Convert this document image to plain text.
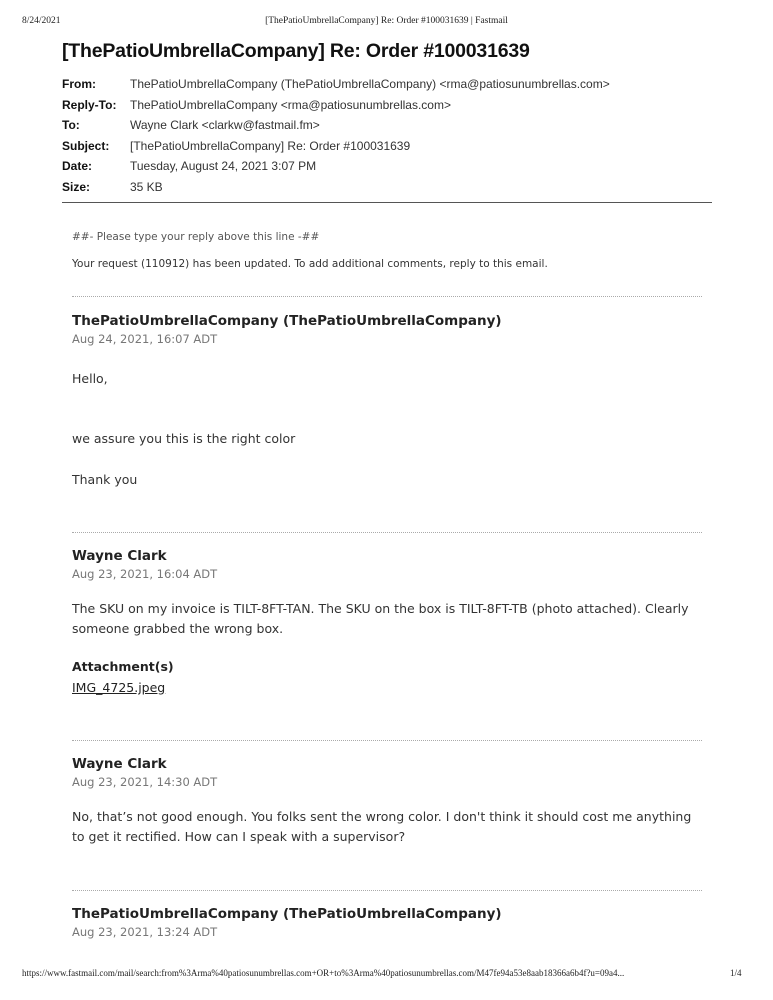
8/24/2021	[ThePatioUmbrellaCompany] Re: Order #100031639 | Fastmail
[ThePatioUmbrellaCompany] Re: Order #100031639
From:	ThePatioUmbrellaCompany (ThePatioUmbrellaCompany) <rma@patiosunumbrellas.com>
Reply-To:	ThePatioUmbrellaCompany <rma@patiosunumbrellas.com>
To:	Wayne Clark <clarkw@fastmail.fm>
Subject:	[ThePatioUmbrellaCompany] Re: Order #100031639
Date:	Tuesday, August 24, 2021 3:07 PM
Size:	35 KB
##- Please type your reply above this line -##
Your request (110912) has been updated. To add additional comments, reply to this email.
ThePatioUmbrellaCompany (ThePatioUmbrellaCompany)
Aug 24, 2021, 16:07 ADT

Hello,

we assure you this is the right color

Thank you

Wayne Clark
Aug 23, 2021, 16:04 ADT

The SKU on my invoice is TILT-8FT-TAN. The SKU on the box is TILT-8FT-TB (photo attached). Clearly someone grabbed the wrong box.

Attachment(s)
IMG_4725.jpeg
Wayne Clark
Aug 23, 2021, 14:30 ADT

No, that’s not good enough. You folks sent the wrong color. I don't think it should cost me anything to get it rectified. How can I speak with a supervisor?

ThePatioUmbrellaCompany (ThePatioUmbrellaCompany)
Aug 23, 2021, 13:24 ADT
https://www.fastmail.com/mail/search:from%3Arma%40patiosunumbrellas.com+OR+to%3Arma%40patiosunumbrellas.com/M47fe94a53e8aab18366a6b4f?u=09a4...	1/4
